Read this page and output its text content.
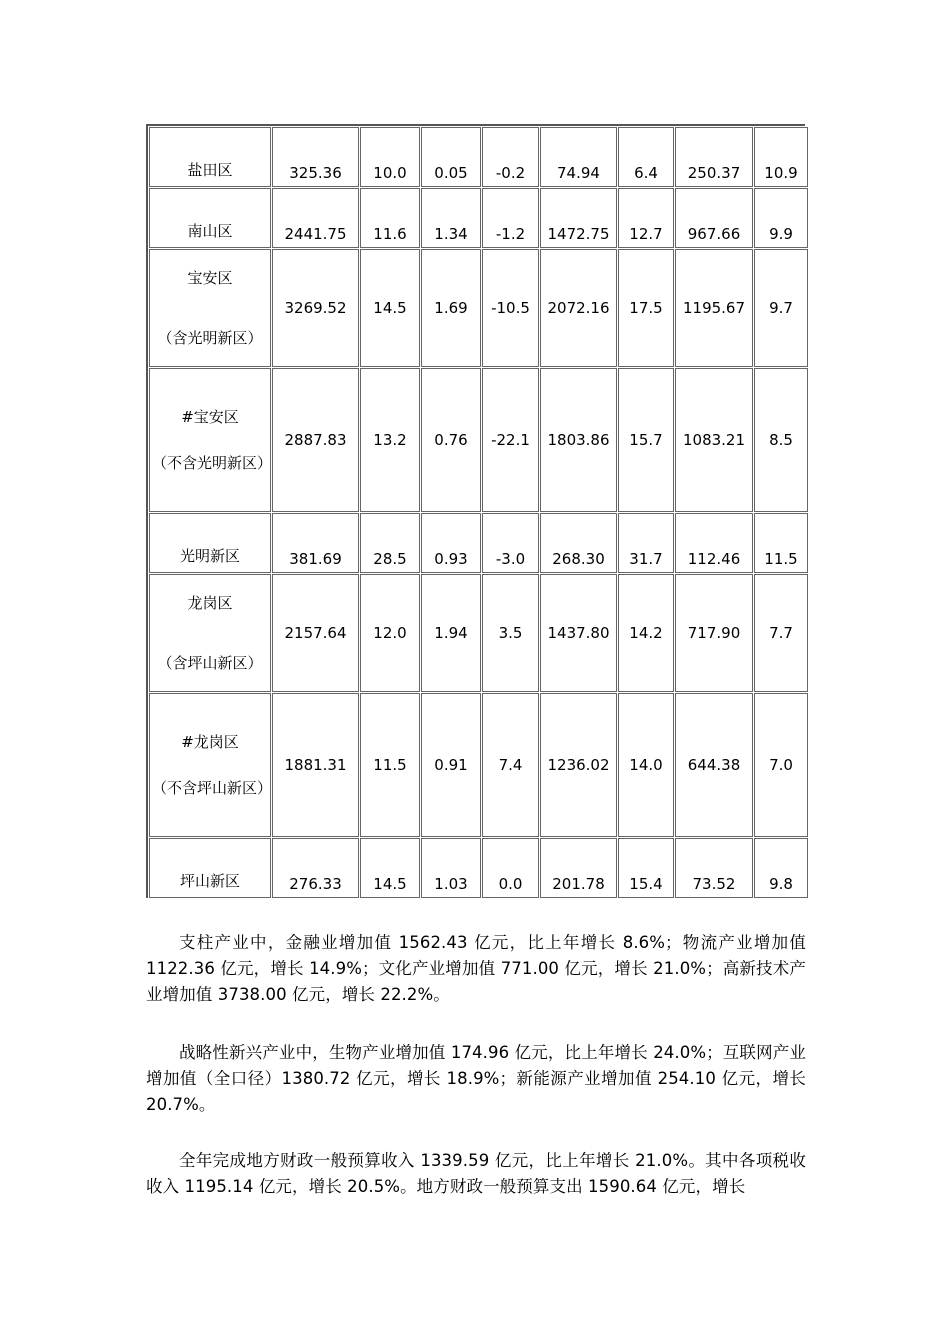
盐田区	325.36	10.0	0.05	-0.2	74.94	6.4	250.37	10.9
南山区	2441.75	11.6	1.34	-1.2	1472.75	12.7	967.66	9.9

宝安区
（含光明新区）	3269.52	14.5	1.69	-10.5	2072.16	17.5	1195.67	9.7

#宝安区
（不含光明新区）	2887.83	13.2	0.76	-22.1	1803.86	15.7	1083.21	8.5
光明新区	381.69	28.5	0.93	-3.0	268.30	31.7	112.46	11.5

龙岗区
（含坪山新区）	2157.64	12.0	1.94	3.5	1437.80	14.2	717.90	7.7

#龙岗区
（不含坪山新区）	1881.31	11.5	0.91	7.4	1236.02	14.0	644.38	7.0
坪山新区	276.33	14.5	1.03	0.0	201.78	15.4	73.52	9.8

支柱产业中，金融业增加值 1562.43 亿元，比上年增长 8.6%；物流产业增加值 1122.36 亿元，增长 14.9%；文化产业增加值 771.00 亿元，增长 21.0%；高新技术产业增加值 3738.00 亿元，增长 22.2%。

战略性新兴产业中，生物产业增加值 174.96 亿元，比上年增长 24.0%；互联网产业增加值（全口径）1380.72 亿元，增长 18.9%；新能源产业增加值 254.10 亿元，增长 20.7%。

全年完成地方财政一般预算收入 1339.59 亿元，比上年增长 21.0%。其中各项税收收入 1195.14 亿元，增长 20.5%。地方财政一般预算支出 1590.64 亿元，增长
